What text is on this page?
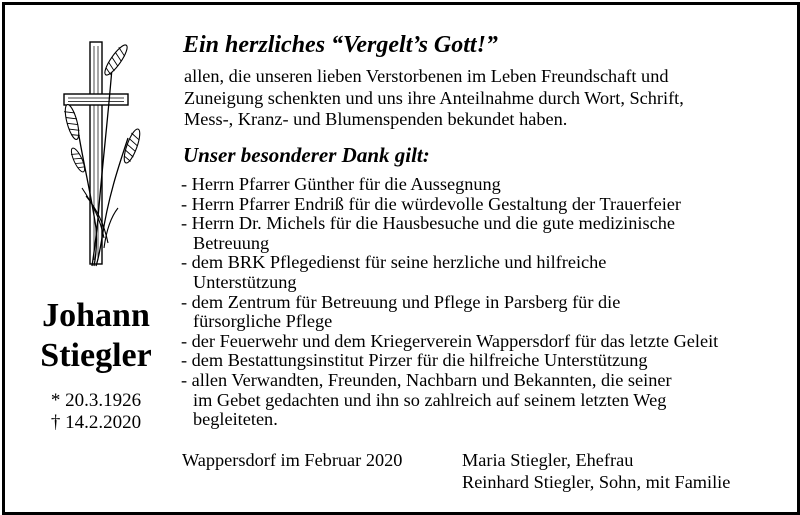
Johann
Stiegler
* 20.3.1926
† 14.2.2020
Ein herzliches “Vergelt’s Gott!”
allen, die unseren lieben Verstorbenen im Leben Freundschaft und
Zuneigung schenkten und uns ihre Anteilnahme durch Wort, Schrift,
Mess-, Kranz- und Blumenspenden bekundet haben.
Unser besonderer Dank gilt:
- Herrn Pfarrer Günther für die Aussegnung
- Herrn Pfarrer Endriß für die würdevolle Gestaltung der Trauerfeier
- Herrn Dr. Michels für die Hausbesuche und die gute medizinische
Betreuung
- dem BRK Pflegedienst für seine herzliche und hilfreiche
Unterstützung
- dem Zentrum für Betreuung und Pflege in Parsberg für die
fürsorgliche Pflege
- der Feuerwehr und dem Kriegerverein Wappersdorf für das letzte Geleit
- dem Bestattungsinstitut Pirzer für die hilfreiche Unterstützung
- allen Verwandten, Freunden, Nachbarn und Bekannten, die seiner
im Gebet gedachten und ihn so zahlreich auf seinem letzten Weg
begleiteten.
Wappersdorf im Februar 2020	Maria Stiegler, Ehefrau
Reinhard Stiegler, Sohn, mit Familie
